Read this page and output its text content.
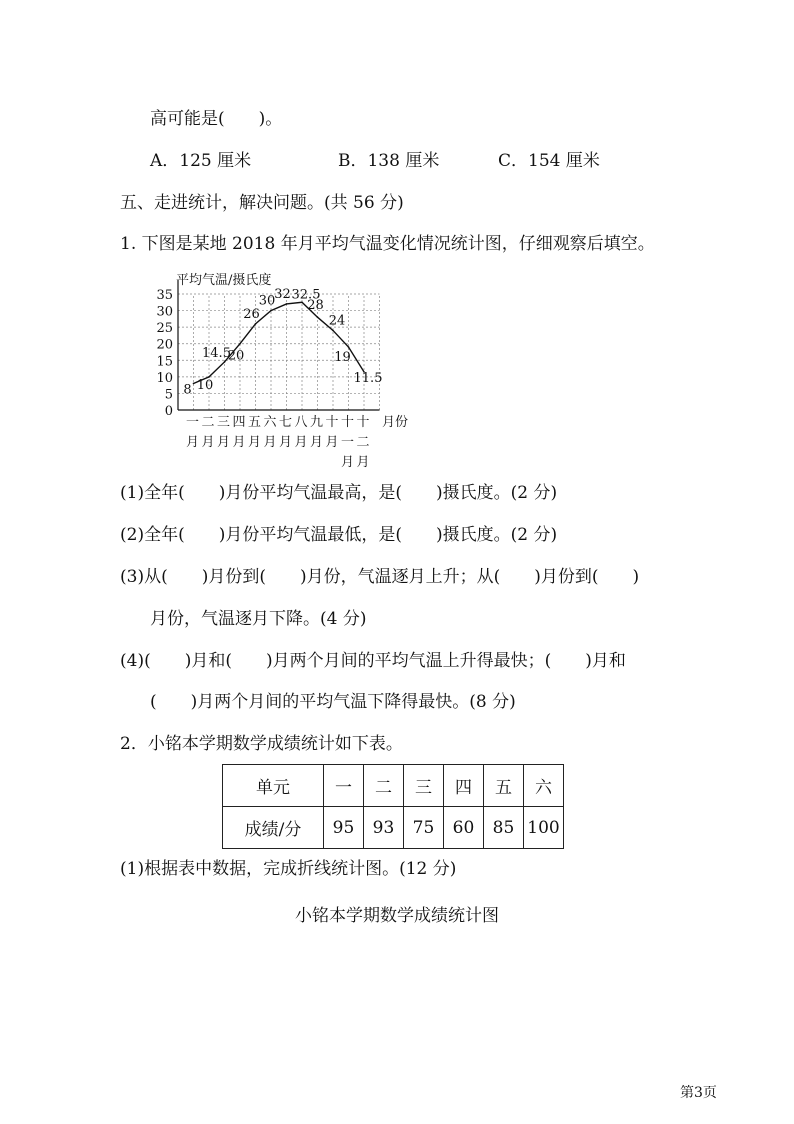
高可能是(　　)。
A．125 厘米	B．138 厘米	C．154 厘米
五、走进统计，解决问题。(共 56 分)
1. 下图是某地 2018 年月平均气温变化情况统计图，仔细观察后填空。
平均气温/摄氏度
0
5
10
15
20
25
30
35
一
月
二
月
三
月
四
月
五
月
六
月
七
月
八
月
九
月
十
月
十
一
月
十
二
月
月份
8 10
14.5
20
26
30
32 32.5
28
24
19
11.5
(1)全年(　　)月份平均气温最高，是(　　)摄氏度。(2 分)
(2)全年(　　)月份平均气温最低，是(　　)摄氏度。(2 分)
(3)从(　　)月份到(　　)月份，气温逐月上升；从(　　)月份到(　　)
月份，气温逐月下降。(4 分)
(4)(　　)月和(　　)月两个月间的平均气温上升得最快；(　　)月和
(　　)月两个月间的平均气温下降得最快。(8 分)
2．小铭本学期数学成绩统计如下表。
单元	一	二	三	四	五	六
成绩/分	95	93	75	60	85	100
(1)根据表中数据，完成折线统计图。(12 分)
小铭本学期数学成绩统计图
第3页
